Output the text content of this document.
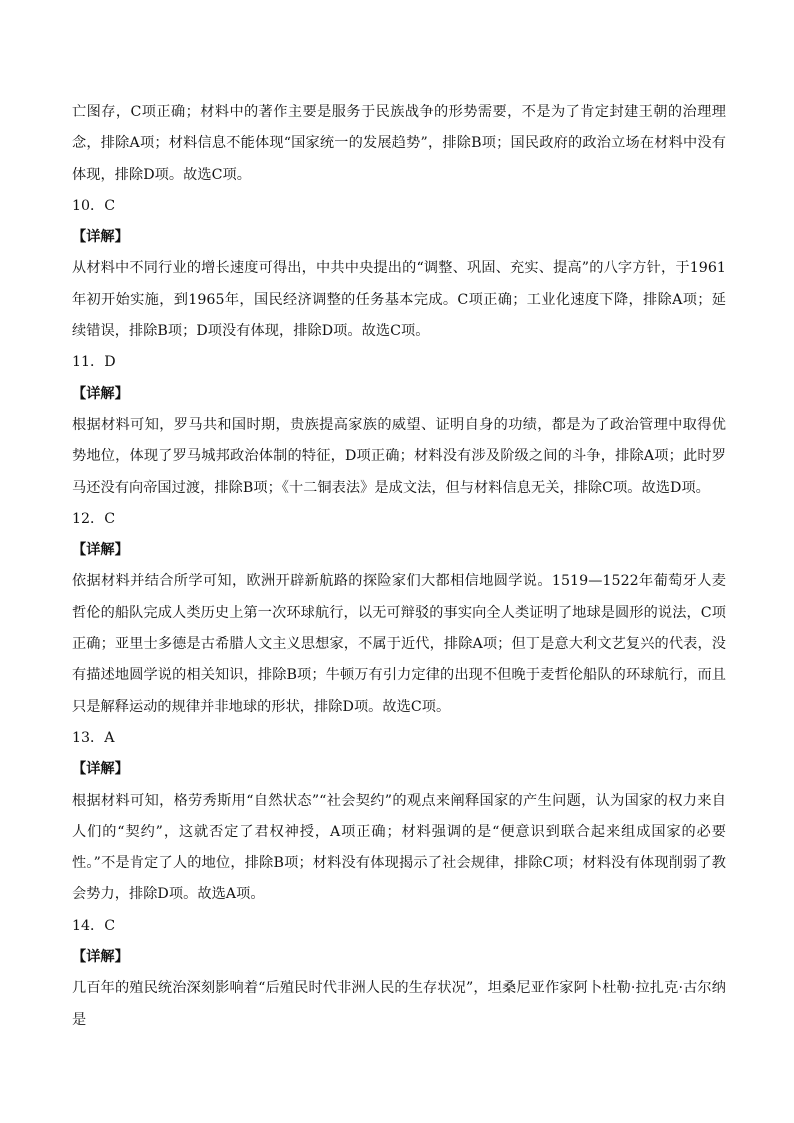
亡图存，C项正确；材料中的著作主要是服务于民族战争的形势需要，不是为了肯定封建王朝的治理理念，排除A项；材料信息不能体现“国家统一的发展趋势”，排除B项；国民政府的政治立场在材料中没有体现，排除D项。故选C项。

10．C

【详解】

从材料中不同行业的增长速度可得出，中共中央提出的“调整、巩固、充实、提高”的八字方针，于1961年初开始实施，到1965年，国民经济调整的任务基本完成。C项正确；工业化速度下降，排除A项；延续错误，排除B项；D项没有体现，排除D项。故选C项。

11．D

【详解】

根据材料可知，罗马共和国时期，贵族提高家族的威望、证明自身的功绩，都是为了政治管理中取得优势地位，体现了罗马城邦政治体制的特征，D项正确；材料没有涉及阶级之间的斗争，排除A项；此时罗马还没有向帝国过渡，排除B项；《十二铜表法》是成文法，但与材料信息无关，排除C项。故选D项。

12．C

【详解】

依据材料并结合所学可知，欧洲开辟新航路的探险家们大都相信地圆学说。1519—1522年葡萄牙人麦哲伦的船队完成人类历史上第一次环球航行，以无可辩驳的事实向全人类证明了地球是圆形的说法，C项正确；亚里士多德是古希腊人文主义思想家，不属于近代，排除A项；但丁是意大利文艺复兴的代表，没有描述地圆学说的相关知识，排除B项；牛顿万有引力定律的出现不但晚于麦哲伦船队的环球航行，而且只是解释运动的规律并非地球的形状，排除D项。故选C项。

13．A

【详解】

根据材料可知，格劳秀斯用“自然状态”“社会契约”的观点来阐释国家的产生问题，认为国家的权力来自人们的“契约”，这就否定了君权神授，A项正确；材料强调的是“便意识到联合起来组成国家的必要性。”不是肯定了人的地位，排除B项；材料没有体现揭示了社会规律，排除C项；材料没有体现削弱了教会势力，排除D项。故选A项。

14．C

【详解】

几百年的殖民统治深刻影响着“后殖民时代非洲人民的生存状况”，坦桑尼亚作家阿卜杜勒·拉扎克·古尔纳是
